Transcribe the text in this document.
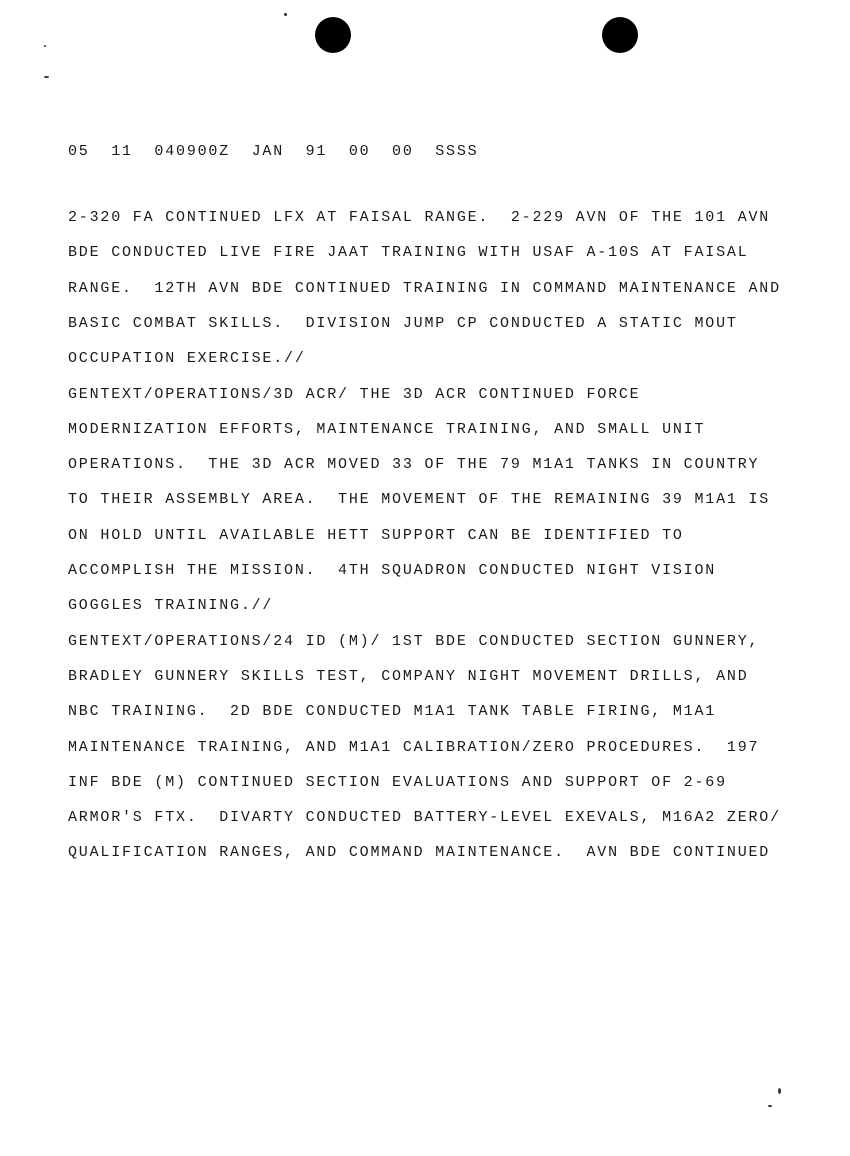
05  11  040900Z  JAN  91  00  00  SSSS
2-320 FA CONTINUED LFX AT FAISAL RANGE.  2-229 AVN OF THE 101 AVN
BDE CONDUCTED LIVE FIRE JAAT TRAINING WITH USAF A-10S AT FAISAL
RANGE.  12TH AVN BDE CONTINUED TRAINING IN COMMAND MAINTENANCE AND
BASIC COMBAT SKILLS.  DIVISION JUMP CP CONDUCTED A STATIC MOUT
OCCUPATION EXERCISE.//
GENTEXT/OPERATIONS/3D ACR/ THE 3D ACR CONTINUED FORCE
MODERNIZATION EFFORTS, MAINTENANCE TRAINING, AND SMALL UNIT
OPERATIONS.  THE 3D ACR MOVED 33 OF THE 79 M1A1 TANKS IN COUNTRY
TO THEIR ASSEMBLY AREA.  THE MOVEMENT OF THE REMAINING 39 M1A1 IS
ON HOLD UNTIL AVAILABLE HETT SUPPORT CAN BE IDENTIFIED TO
ACCOMPLISH THE MISSION.  4TH SQUADRON CONDUCTED NIGHT VISION
GOGGLES TRAINING.//
GENTEXT/OPERATIONS/24 ID (M)/ 1ST BDE CONDUCTED SECTION GUNNERY,
BRADLEY GUNNERY SKILLS TEST, COMPANY NIGHT MOVEMENT DRILLS, AND
NBC TRAINING.  2D BDE CONDUCTED M1A1 TANK TABLE FIRING, M1A1
MAINTENANCE TRAINING, AND M1A1 CALIBRATION/ZERO PROCEDURES.  197
INF BDE (M) CONTINUED SECTION EVALUATIONS AND SUPPORT OF 2-69
ARMOR'S FTX.  DIVARTY CONDUCTED BATTERY-LEVEL EXEVALS, M16A2 ZERO/
QUALIFICATION RANGES, AND COMMAND MAINTENANCE.  AVN BDE CONTINUED
